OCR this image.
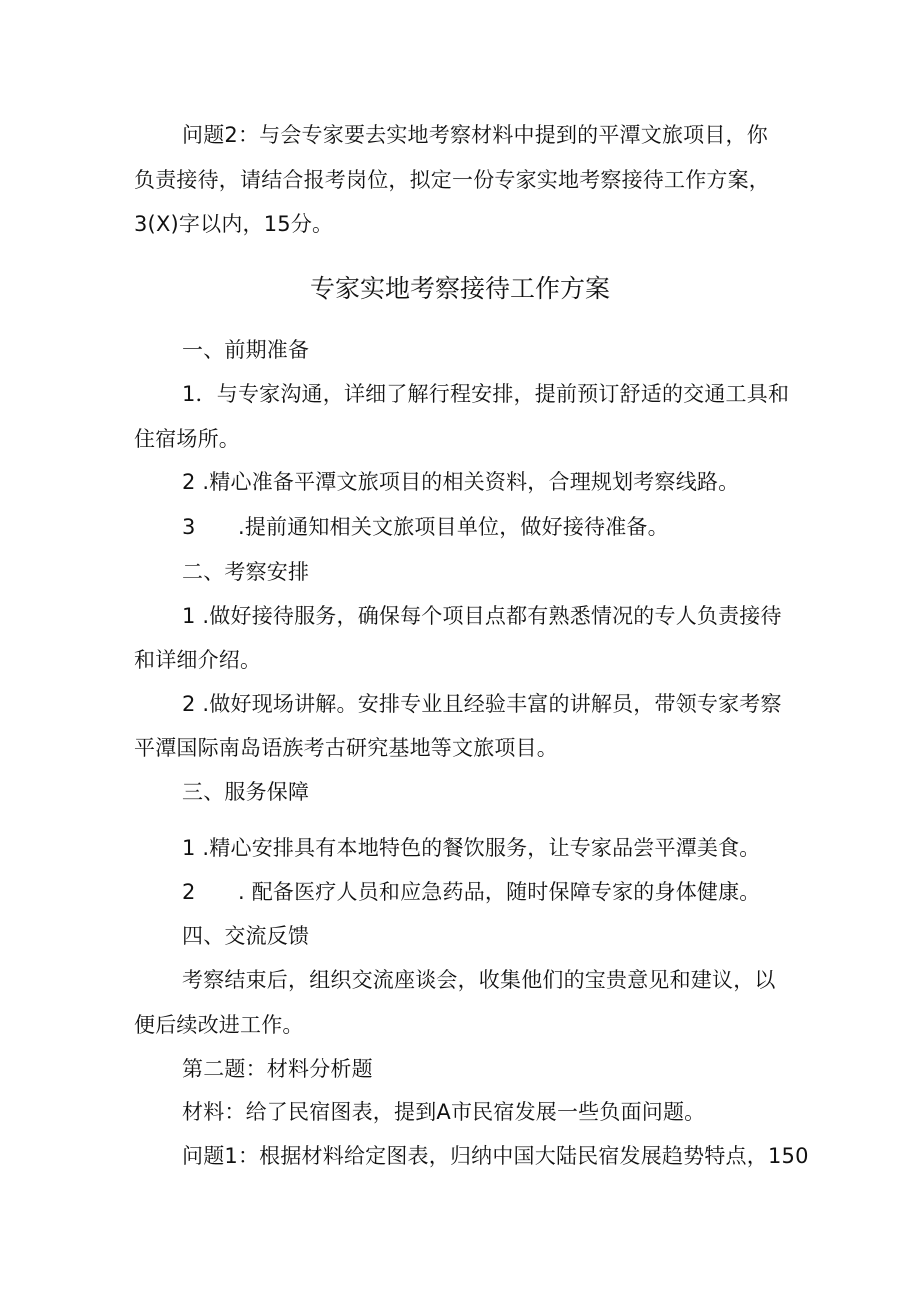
问题2：与会专家要去实地考察材料中提到的平潭文旅项目，你
负责接待，请结合报考岗位，拟定一份专家实地考察接待工作方案，
3(X)字以内，15分。
专家实地考察接待工作方案
一、前期准备
1．与专家沟通，详细了解行程安排，提前预订舒适的交通工具和
住宿场所。
2 .精心准备平潭文旅项目的相关资料，合理规划考察线路。
3　　.提前通知相关文旅项目单位，做好接待准备。
二、考察安排
1 .做好接待服务，确保每个项目点都有熟悉情况的专人负责接待
和详细介绍。
2 .做好现场讲解。安排专业且经验丰富的讲解员，带领专家考察
平潭国际南岛语族考古研究基地等文旅项目。
三、服务保障
1 .精心安排具有本地特色的餐饮服务，让专家品尝平潭美食。
2　　. 配备医疗人员和应急药品，随时保障专家的身体健康。
四、交流反馈
考察结束后，组织交流座谈会，收集他们的宝贵意见和建议，以
便后续改进工作。
第二题：材料分析题
材料：给了民宿图表，提到A市民宿发展一些负面问题。
问题1：根据材料给定图表，归纳中国大陆民宿发展趋势特点，150
